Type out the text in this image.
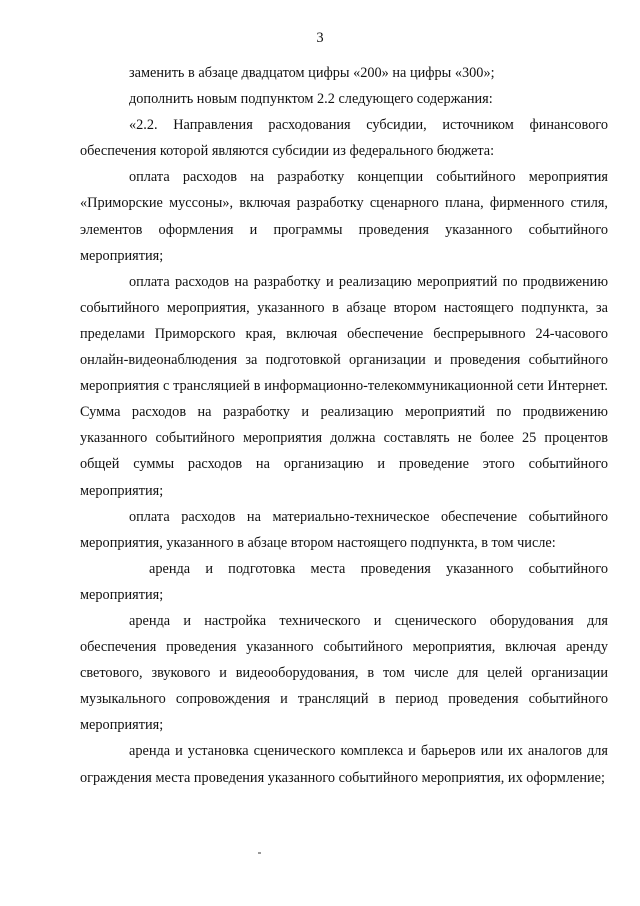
3

заменить в абзаце двадцатом цифры «200» на цифры «300»;

дополнить новым подпунктом 2.2 следующего содержания:

«2.2. Направления расходования субсидии, источником финансового обеспечения которой являются субсидии из федерального бюджета:

оплата расходов на разработку концепции событийного мероприятия «Приморские муссоны», включая разработку сценарного плана, фирменного стиля, элементов оформления и программы проведения указанного событийного мероприятия;

оплата расходов на разработку и реализацию мероприятий по продвижению событийного мероприятия, указанного в абзаце втором настоящего подпункта, за пределами Приморского края, включая обеспечение беспрерывного 24-часового онлайн-видеонаблюдения за подготовкой организации и проведения событийного мероприятия с трансляцией в информационно-телекоммуникационной сети Интернет. Сумма расходов на разработку и реализацию мероприятий по продвижению указанного событийного мероприятия должна составлять не более 25 процентов общей суммы расходов на организацию и проведение этого событийного мероприятия;

оплата расходов на материально-техническое обеспечение событийного мероприятия, указанного в абзаце втором настоящего подпункта, в том числе:

аренда и подготовка места проведения указанного событийного мероприятия;

аренда и настройка технического и сценического оборудования для обеспечения проведения указанного событийного мероприятия, включая аренду светового, звукового и видеооборудования, в том числе для целей организации музыкального сопровождения и трансляций в период проведения событийного мероприятия;

аренда и установка сценического комплекса и барьеров или их аналогов для ограждения места проведения указанного событийного мероприятия, их оформление;
